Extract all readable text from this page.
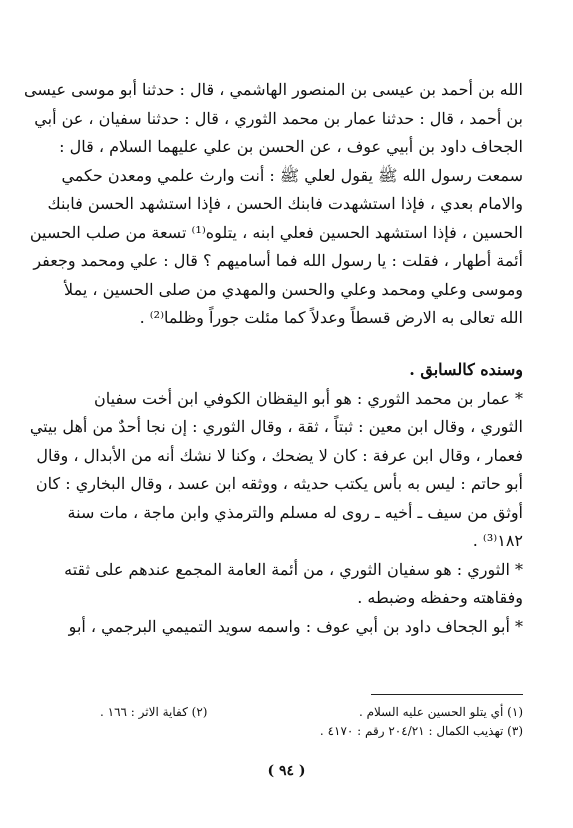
الله بن أحمد بن عيسى بن المنصور الهاشمي ، قال : حدثنا أبو موسى عيسى
بن أحمد ، قال : حدثنا عمار بن محمد الثوري ، قال : حدثنا سفيان ، عن أبي
الجحاف داود بن أبيي عوف ، عن الحسن بن علي عليهما السلام ، قال :
سمعت رسول الله ﷺ يقول لعلي ﷺ : أنت وارث علمي ومعدن حكمي
والامام بعدي ، فإذا استشهدت فابنك الحسن ، فإذا استشهد الحسن فابنك
الحسين ، فإذا استشهد الحسين فعلي ابنه ، يتلوه⁽¹⁾ تسعة من صلب الحسين
أئمة أطهار ، فقلت : يا رسول الله فما أساميهم ؟ قال : علي ومحمد وجعفر
وموسى وعلي ومحمد وعلي والحسن والمهدي من صلى الحسين ، يملأ
الله تعالى به الارض قسطاً وعدلاً كما مئلت جوراً وظلما⁽²⁾ .
وسنده كالسابق .
* عمار بن محمد الثوري : هو أبو اليقظان الكوفي ابن أخت سفيان
الثوري ، وقال ابن معين : ثبتاً ، ثقة ، وقال الثوري : إن نجا أحدٌ من أهل بيتي
فعمار ، وقال ابن عرفة : كان لا يضحك ، وكنا لا نشك أنه من الأبدال ، وقال
أبو حاتم : ليس به بأس يكتب حديثه ، ووثقه ابن عسد ، وقال البخاري : كان
أوثق من سيف ـ أخيه ـ روى له مسلم والترمذي وابن ماجة ، مات سنة
١٨٢⁽³⁾ .
* الثوري : هو سفيان الثوري ، من أئمة العامة المجمع عندهم على ثقته
وفقاهته وحفظه وضبطه .
* أبو الجحاف داود بن أبي عوف : واسمه سويد التميمي البرجمي ، أبو
(١) أي يتلو الحسين عليه السلام .
(٢) كفاية الاثر : ١٦٦ .
(٣) تهذيب الكمال : ٢٠٤/٢١ رقم : ٤١٧٠ .
( ٩٤ )
